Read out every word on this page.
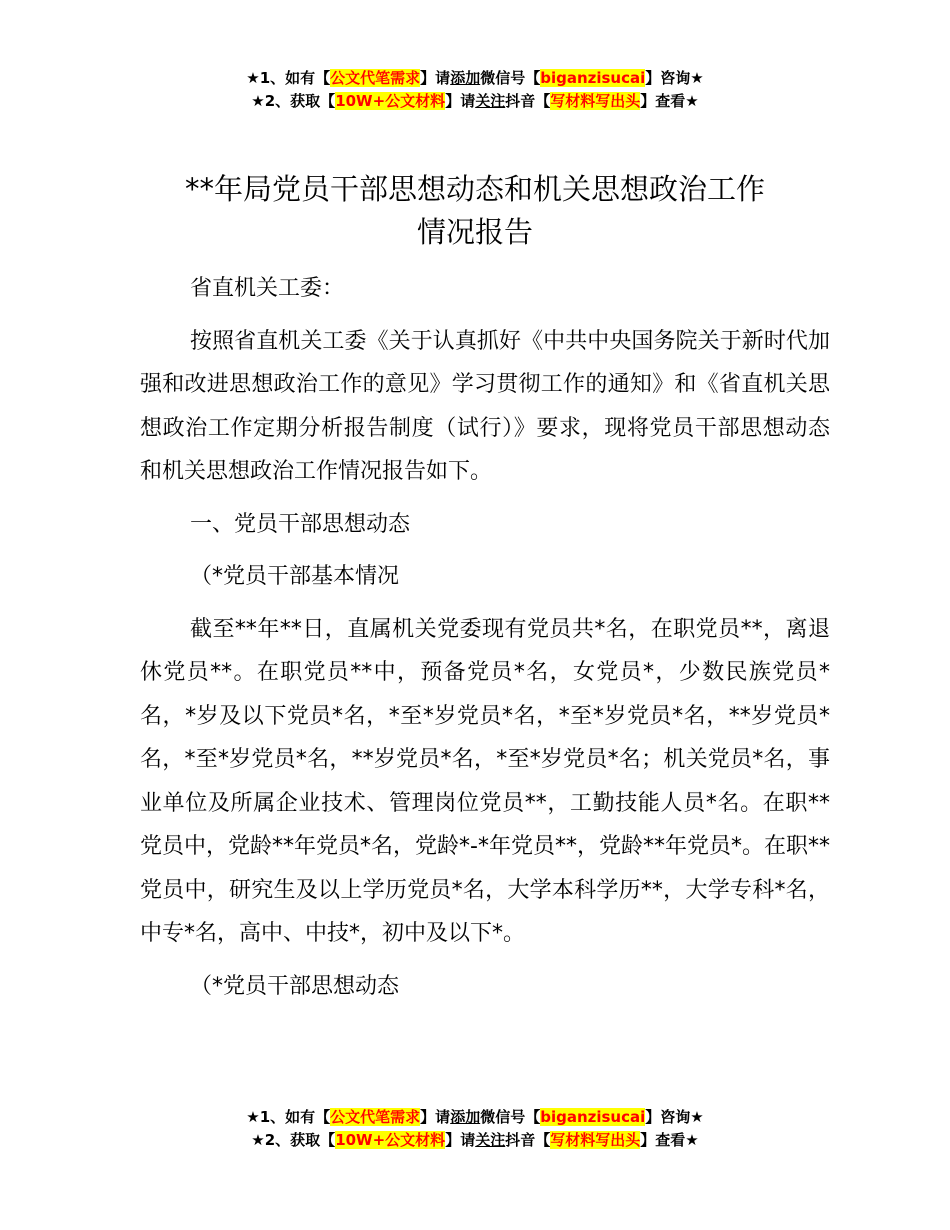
★1、如有【公文代笔需求】请添加微信号【biganzisucai】咨询★
★2、获取【10W+公文材料】请关注抖音【写材料写出头】查看★
**年局党员干部思想动态和机关思想政治工作
情况报告

省直机关工委：

按照省直机关工委《关于认真抓好《中共中央国务院关于新时代加强和改进思想政治工作的意见》学习贯彻工作的通知》和《省直机关思想政治工作定期分析报告制度（试行）》要求，现将党员干部思想动态和机关思想政治工作情况报告如下。

一、党员干部思想动态

（*党员干部基本情况

截至**年**日，直属机关党委现有党员共*名，在职党员**，离退休党员**。在职党员**中，预备党员*名，女党员*，少数民族党员*名，*岁及以下党员*名，*至*岁党员*名，*至*岁党员*名，**岁党员*名，*至*岁党员*名，**岁党员*名，*至*岁党员*名；机关党员*名，事业单位及所属企业技术、管理岗位党员**，工勤技能人员*名。在职**党员中，党龄**年党员*名，党龄*-*年党员**，党龄**年党员*。在职**党员中，研究生及以上学历党员*名，大学本科学历**，大学专科*名，中专*名，高中、中技*，初中及以下*。

（*党员干部思想动态

★1、如有【公文代笔需求】请添加微信号【biganzisucai】咨询★
★2、获取【10W+公文材料】请关注抖音【写材料写出头】查看★
